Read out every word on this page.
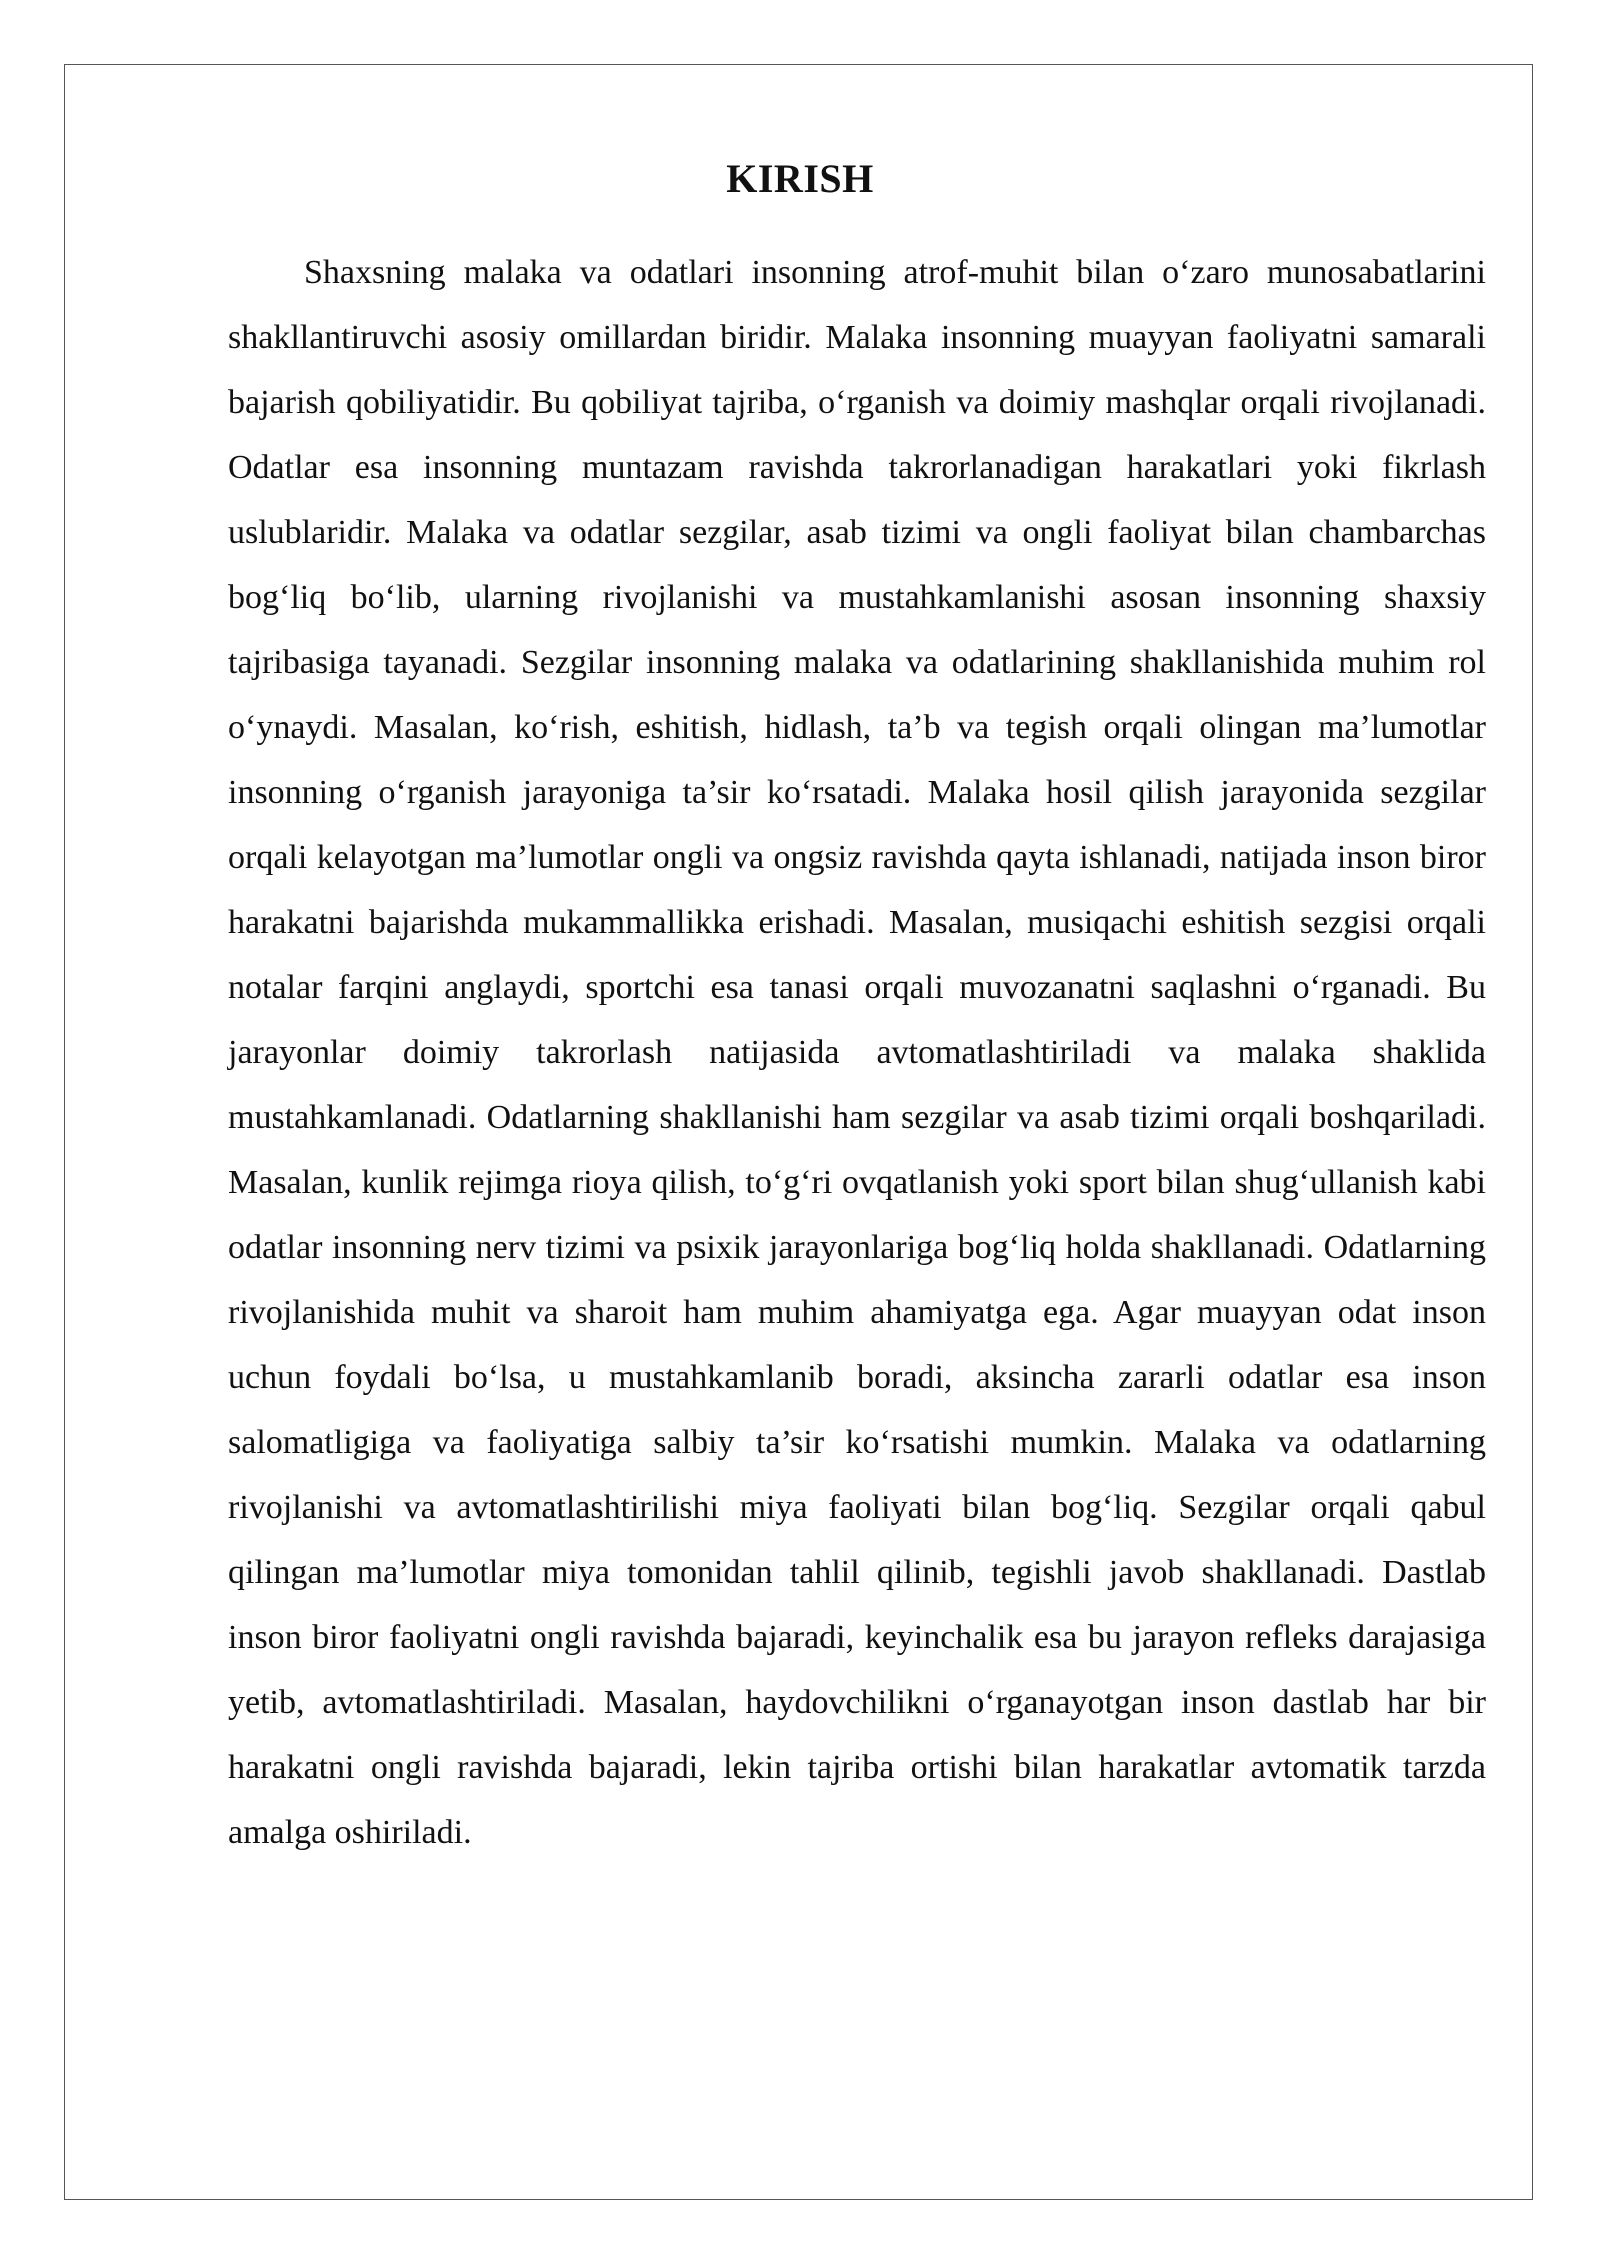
KIRISH

Shaxsning malaka va odatlari insonning atrof-muhit bilan o‘zaro munosabatlarini shakllantiruvchi asosiy omillardan biridir. Malaka insonning muayyan faoliyatni samarali bajarish qobiliyatidir. Bu qobiliyat tajriba, o‘rganish va doimiy mashqlar orqali rivojlanadi. Odatlar esa insonning muntazam ravishda takrorlanadigan harakatlari yoki fikrlash uslublaridir. Malaka va odatlar sezgilar, asab tizimi va ongli faoliyat bilan chambarchas bog‘liq bo‘lib, ularning rivojlanishi va mustahkamlanishi asosan insonning shaxsiy tajribasiga tayanadi. Sezgilar insonning malaka va odatlarining shakllanishida muhim rol o‘ynaydi. Masalan, ko‘rish, eshitish, hidlash, ta’b va tegish orqali olingan ma’lumotlar insonning o‘rganish jarayoniga ta’sir ko‘rsatadi. Malaka hosil qilish jarayonida sezgilar orqali kelayotgan ma’lumotlar ongli va ongsiz ravishda qayta ishlanadi, natijada inson biror harakatni bajarishda mukammallikka erishadi. Masalan, musiqachi eshitish sezgisi orqali notalar farqini anglaydi, sportchi esa tanasi orqali muvozanatni saqlashni o‘rganadi. Bu jarayonlar doimiy takrorlash natijasida avtomatlashtiriladi va malaka shaklida mustahkamlanadi. Odatlarning shakllanishi ham sezgilar va asab tizimi orqali boshqariladi. Masalan, kunlik rejimga rioya qilish, to‘g‘ri ovqatlanish yoki sport bilan shug‘ullanish kabi odatlar insonning nerv tizimi va psixik jarayonlariga bog‘liq holda shakllanadi. Odatlarning rivojlanishida muhit va sharoit ham muhim ahamiyatga ega. Agar muayyan odat inson uchun foydali bo‘lsa, u mustahkamlanib boradi, aksincha zararli odatlar esa inson salomatligiga va faoliyatiga salbiy ta’sir ko‘rsatishi mumkin. Malaka va odatlarning rivojlanishi va avtomatlashtirilishi miya faoliyati bilan bog‘liq. Sezgilar orqali qabul qilingan ma’lumotlar miya tomonidan tahlil qilinib, tegishli javob shakllanadi. Dastlab inson biror faoliyatni ongli ravishda bajaradi, keyinchalik esa bu jarayon refleks darajasiga yetib, avtomatlashtiriladi. Masalan, haydovchilikni o‘rganayotgan inson dastlab har bir harakatni ongli ravishda bajaradi, lekin tajriba ortishi bilan harakatlar avtomatik tarzda amalga oshiriladi.
